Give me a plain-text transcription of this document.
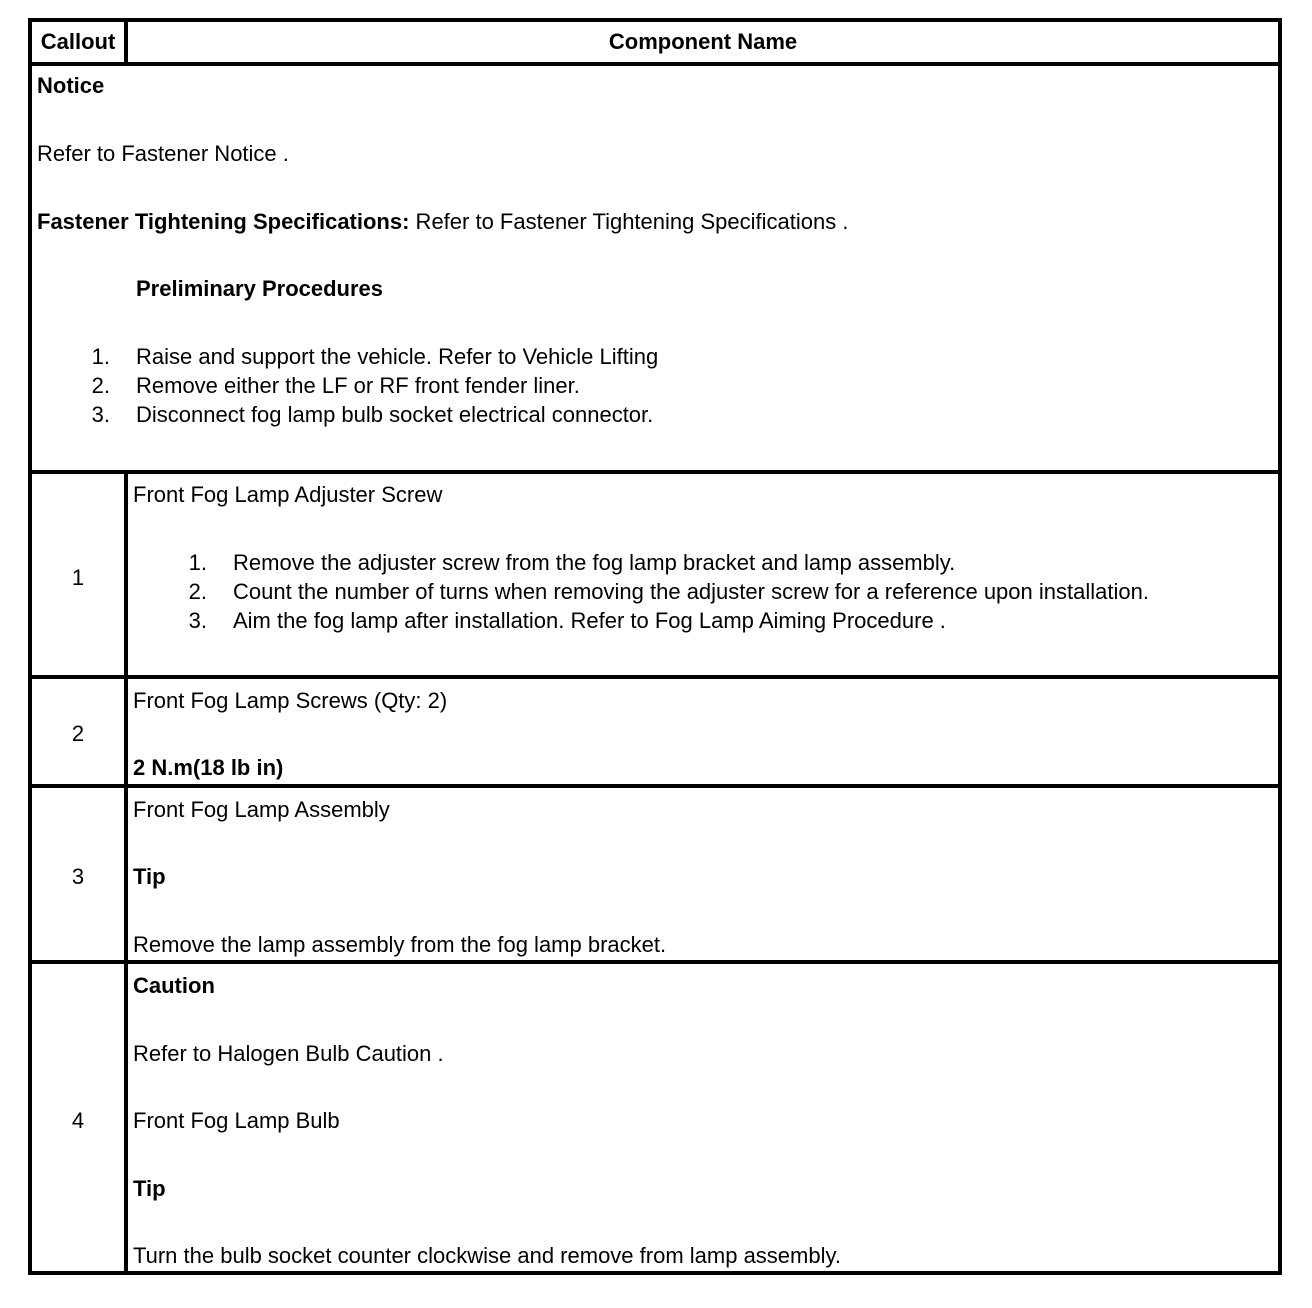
Callout	Component Name
Notice
Refer to Fastener Notice .
Fastener Tightening Specifications: Refer to Fastener Tightening Specifications .
Preliminary Procedures
1. Raise and support the vehicle. Refer to Vehicle Lifting
2. Remove either the LF or RF front fender liner.
3. Disconnect fog lamp bulb socket electrical connector.
1
Front Fog Lamp Adjuster Screw
1. Remove the adjuster screw from the fog lamp bracket and lamp assembly.
2. Count the number of turns when removing the adjuster screw for a reference upon installation.
3. Aim the fog lamp after installation. Refer to Fog Lamp Aiming Procedure .
2
Front Fog Lamp Screws (Qty: 2)
2 N.m(18 lb in)
3
Front Fog Lamp Assembly
Tip
Remove the lamp assembly from the fog lamp bracket.
4
Caution
Refer to Halogen Bulb Caution .
Front Fog Lamp Bulb
Tip
Turn the bulb socket counter clockwise and remove from lamp assembly.
